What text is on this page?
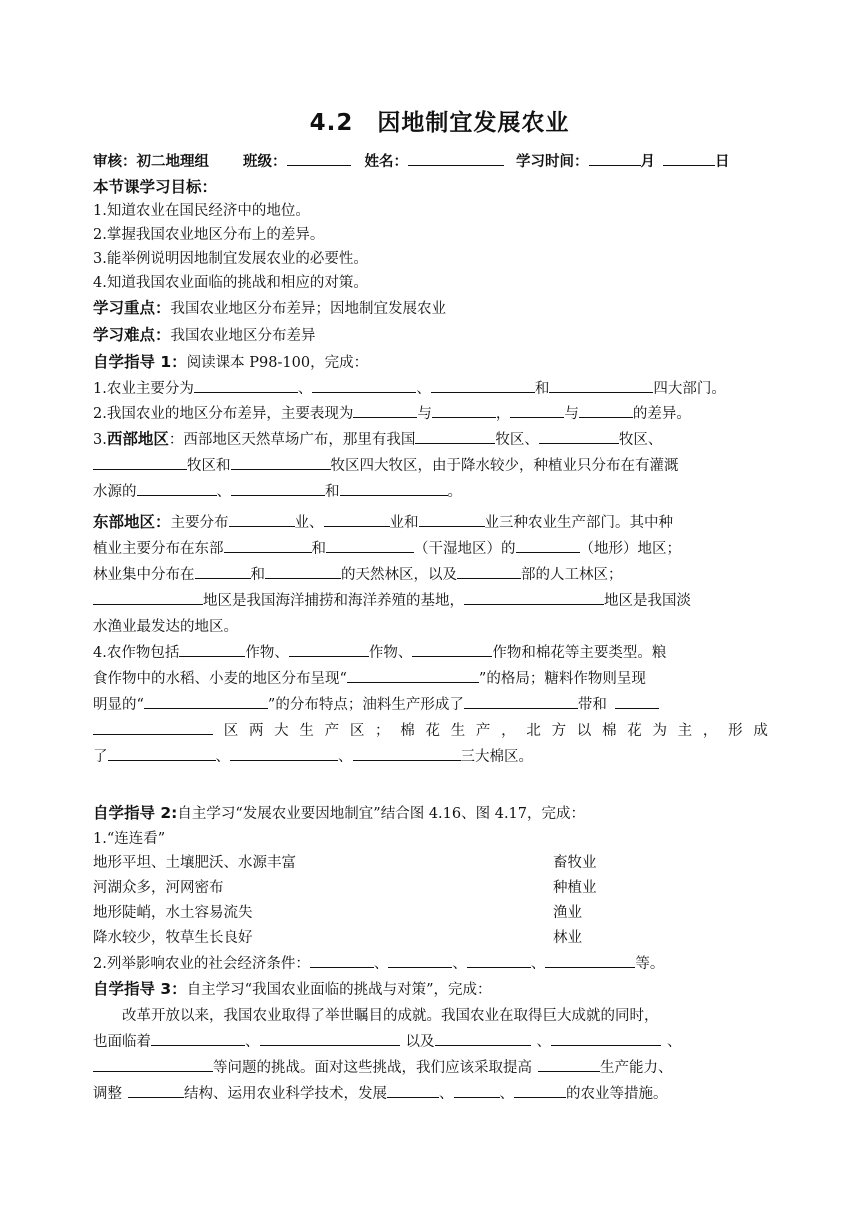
4.2　因地制宜发展农业
审核：初二地理组 班级：	姓名：	学习时间：	月	日
本节课学习目标：
1.知道农业在国民经济中的地位。
2.掌握我国农业地区分布上的差异。
3.能举例说明因地制宜发展农业的必要性。
4.知道我国农业面临的挑战和相应的对策。
学习重点：我国农业地区分布差异；因地制宜发展农业
学习难点：我国农业地区分布差异
自学指导 1：阅读课本 P98-100，完成：
1.农业主要分为	、	、	和	四大部门。
2.我国农业的地区分布差异，主要表现为	与	，	与	的差异。
3.西部地区：西部地区天然草场广布，那里有我国	牧区、	牧区、
牧区和	牧区四大牧区，由于降水较少，种植业只分布在有灌溉
水源的	、	和	。
东部地区：主要分布	业、	业和	业三种农业生产部门。其中种
植业主要分布在东部	和	（干湿地区）的	（地形）地区；
林业集中分布在	和	的天然林区，以及	部的人工林区；
地区是我国海洋捕捞和海洋养殖的基地，	地区是我国淡
水渔业最发达的地区。
4.农作物包括	作物、	作物、	作物和棉花等主要类型。粮
食作物中的水稻、小麦的地区分布呈现“	”的格局；糖料作物则呈现
明显的“	”的分布特点；油料生产形成了	带和
区 两 大 生 产 区 ； 棉 花 生 产 ， 北 方 以 棉 花 为 主 ， 形 成
了	、	、	三大棉区。
自学指导 2:自主学习“发展农业要因地制宜”结合图 4.16、图 4.17，完成：
1.“连连看”
地形平坦、土壤肥沃、水源丰富	畜牧业
河湖众多，河网密布	种植业
地形陡峭，水土容易流失	渔业
降水较少，牧草生长良好	林业
2.列举影响农业的社会经济条件：	、	、	、	等。
自学指导 3：自主学习“我国农业面临的挑战与对策”，完成：
改革开放以来，我国农业取得了举世瞩目的成就。我国农业在取得巨大成就的同时，
也面临着	、	以及	、	、
等问题的挑战。面对这些挑战，我们应该采取提高	生产能力、
调整	结构、运用农业科学技术，发展	、	、	的农业等措施。
